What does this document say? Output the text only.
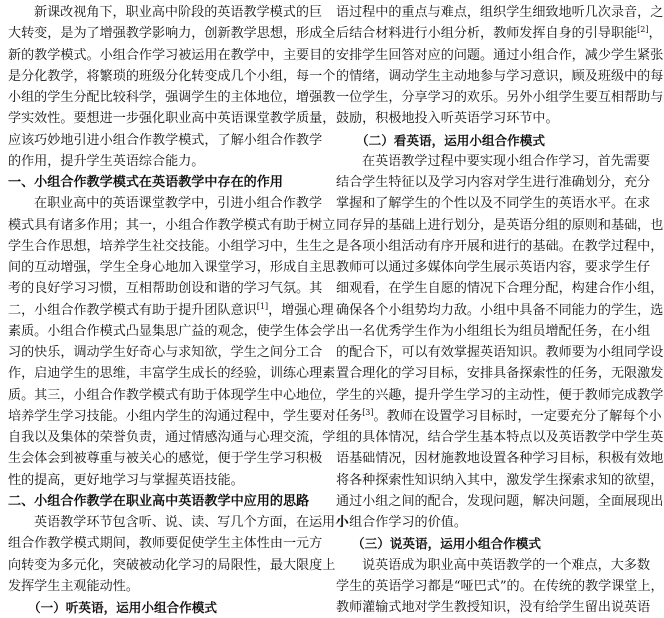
新课改视角下，职业高中阶段的英语教学模式的巨
大转变，是为了增强教学影响力，创新教学思想，形成全
新的教学模式。小组合作学习被运用在教学中，主要目的
是分化教学，将繁琐的班级分化转变成几个小组，每一个
小组的学生分配比较科学，强调学生的主体地位，增强教
学实效性。要想进一步强化职业高中英语课堂教学质量，
应该巧妙地引进小组合作教学模式，了解小组合作教学
的作用，提升学生英语综合能力。
一、小组合作教学模式在英语教学中存在的作用
在职业高中的英语课堂教学中，引进小组合作教学
模式具有诸多作用；其一，小组合作教学模式有助于树立
学生合作思想，培养学生社交技能。小组学习中，生生之
间的互动增强，学生全身心地加入课堂学习，形成自主思
考的良好学习习惯，互相帮助创设和谐的学习气氛。其
二，小组合作教学模式有助于提升团队意识[1]，增强心理
素质。小组合作模式凸显集思广益的观念，使学生体会学
习的快乐，调动学生好奇心与求知欲，学生之间分工合
作，启迪学生的思维，丰富学生成长的经验，训练心理素
质。其三，小组合作教学模式有助于体现学生中心地位，
培养学生学习技能。小组内学生的沟通过程中，学生要对
自我以及集体的荣誉负责，通过情感沟通与心理交流，学
生会体会到被尊重与被关心的感觉，便于学生学习积极
性的提高，更好地学习与掌握英语技能。
二、小组合作教学在职业高中英语教学中应用的思路
英语教学环节包含听、说、读、写几个方面，在运用小
组合作教学模式期间，教师要促使学生主体性由一元方
向转变为多元化，突破被动化学习的局限性，最大限度上
发挥学生主观能动性。
（一）听英语，运用小组合作模式
语过程中的重点与难点，组织学生细致地听几次录音，之
后结合材料进行小组分析，教师发挥自身的引导职能[2]，
安排学生回答对应的问题。通过小组合作，减少学生紧张
的情绪，调动学生主动地参与学习意识，顾及班级中的每
一位学生，分享学习的欢乐。另外小组学生要互相帮助与
鼓励，积极地投入听英语学习环节中。
（二）看英语，运用小组合作模式
在英语教学过程中要实现小组合作学习，首先需要
结合学生特征以及学习内容对学生进行准确划分，充分
掌握和了解学生的个性以及不同学生的英语水平。在求
同存异的基础上进行划分，是英语分组的原则和基础，也
是各项小组活动有序开展和进行的基础。在教学过程中，
教师可以通过多媒体向学生展示英语内容，要求学生仔
细观看，在学生自愿的情况下合理分配，构建合作小组，
确保各个小组势均力敌。小组中具备不同能力的学生，选
出一名优秀学生作为小组组长为组员增配任务，在小组
的配合下，可以有效掌握英语知识。教师要为小组同学设
置合理化的学习目标，安排具备探索性的任务，无限激发
学生的兴趣，提升学生学习的主动性，便于教师完成教学
任务[3]。教师在设置学习目标时，一定要充分了解每个小
组的具体情况，结合学生基本特点以及英语教学中学生英
语基础情况，因材施教地设置各种学习目标，积极有效地
将各种探索性知识纳入其中，激发学生探索求知的欲望，
通过小组之间的配合，发现问题，解决问题，全面展现出
小组合作学习的价值。
（三）说英语，运用小组合作模式
说英语成为职业高中英语教学的一个难点，大多数
学生的英语学习都是“哑巴式”的。在传统的教学课堂上，
教师灌输式地对学生教授知识，没有给学生留出说英语
